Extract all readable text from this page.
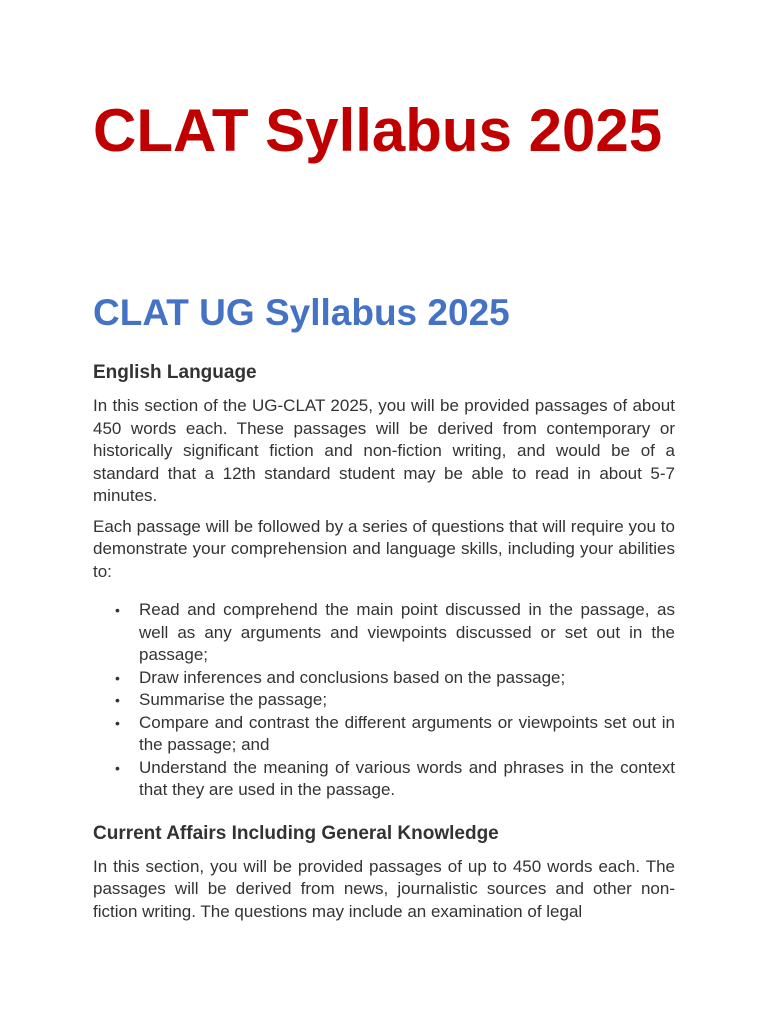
CLAT Syllabus 2025
CLAT UG Syllabus 2025
English Language

In this section of the UG-CLAT 2025, you will be provided passages of about 450 words each. These passages will be derived from contemporary or historically significant fiction and non-fiction writing, and would be of a standard that a 12th standard student may be able to read in about 5-7 minutes.

Each passage will be followed by a series of questions that will require you to demonstrate your comprehension and language skills, including your abilities to:

• Read and comprehend the main point discussed in the passage, as well as any arguments and viewpoints discussed or set out in the passage;
• Draw inferences and conclusions based on the passage;
• Summarise the passage;
• Compare and contrast the different arguments or viewpoints set out in the passage; and
• Understand the meaning of various words and phrases in the context that they are used in the passage.
Current Affairs Including General Knowledge

In this section, you will be provided passages of up to 450 words each. The passages will be derived from news, journalistic sources and other non-fiction writing. The questions may include an examination of legal
